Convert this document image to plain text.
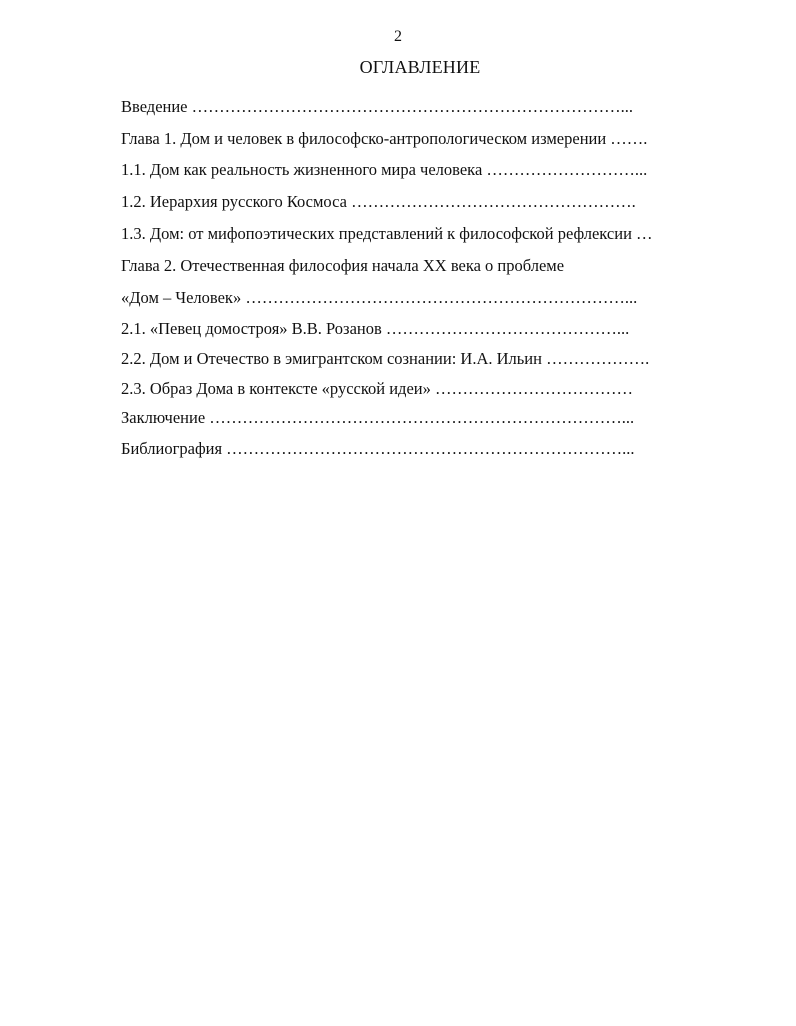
2
ОГЛАВЛЕНИЕ
Введение ……………………………………………………………………...
Глава 1. Дом и человек в философско-антропологическом измерении …….
1.1. Дом как реальность жизненного мира человека ………………………...
1.2. Иерархия русского Космоса …………………………………………….
1.3. Дом: от мифопоэтических представлений к философской рефлексии …
Глава 2. Отечественная философия начала XX века о проблеме
«Дом – Человек» ……………………………………………………………...
2.1. «Певец домостроя» В.В. Розанов ……………………………………...
2.2. Дом и Отечество в эмигрантском сознании: И.А. Ильин ……………….
2.3. Образ Дома в контексте «русской идеи» ………………………………
Заключение …………………………………………………………………...
Библиография ………………………………………………………………...
